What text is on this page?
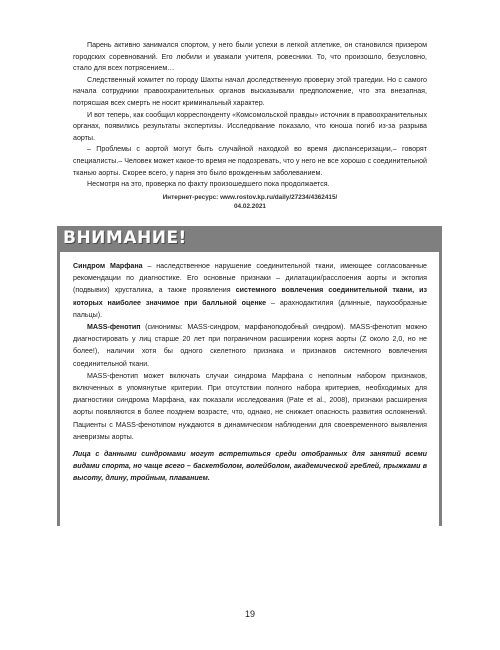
Парень активно занимался спортом, у него были успехи в легкой атлетике, он становился призером городских соревнований. Его любили и уважали учителя, ровесники. То, что произошло, безусловно, стало для всех потрясением…

Следственный комитет по городу Шахты начал доследственную проверку этой трагедии. Но с самого начала сотрудники правоохранительных органов высказывали предположение, что эта внезапная, потрясшая всех смерть не носит криминальный характер.

И вот теперь, как сообщил корреспонденту «Комсомольской правды» источник в правоохранительных органах, появились результаты экспертизы. Исследование показало, что юноша погиб из-за разрыва аорты.

– Проблемы с аортой могут быть случайной находкой во время диспансеризации,– говорят специалисты.– Человек может какое-то время не подозревать, что у него не все хорошо с соединительной тканью аорты. Скорее всего, у парня это было врожденным заболеванием.

Несмотря на это, проверка по факту произошедшего пока продолжается.

Интернет-ресурс: www.rostov.kp.ru/daily/27234/4362415/
04.02.2021
ВНИМАНИЕ!

Синдром Марфана – наследственное нарушение соединительной ткани, имеющее согласованные рекомендации по диагностике. Его основные признаки – дилатации/расслоения аорты и эктопия (подвывих) хрусталика, а также проявления системного вовлечения соединительной ткани, из которых наиболее значимое при балльной оценке – арахнодактилия (длинные, паукообразные пальцы).

MASS-фенотип (синонимы: MASS-синдром, марфаноподобный синдром). MASS-фенотип можно диагностировать у лиц старше 20 лет при пограничном расширении корня аорты (Z около 2,0, но не более!), наличии хотя бы одного скелетного признака и признаков системного вовлечения соединительной ткани.

MASS-фенотип может включать случаи синдрома Марфана с неполным набором признаков, включенных в упомянутые критерии. При отсутствии полного набора критериев, необходимых для диагностики синдрома Марфана, как показали исследования (Pate et al., 2008), признаки расширения аорты появляются в более позднем возрасте, что, однако, не снижает опасность развития осложнений. Пациенты с MASS-фенотипом нуждаются в динамическом наблюдении для своевременного выявления аневризмы аорты.

Лица с данными синдромами могут встретиться среди отобранных для занятий всеми видами спорта, но чаще всего – баскетболом, волейболом, академической греблей, прыжками в высоту, длину, тройным, плаванием.

19
